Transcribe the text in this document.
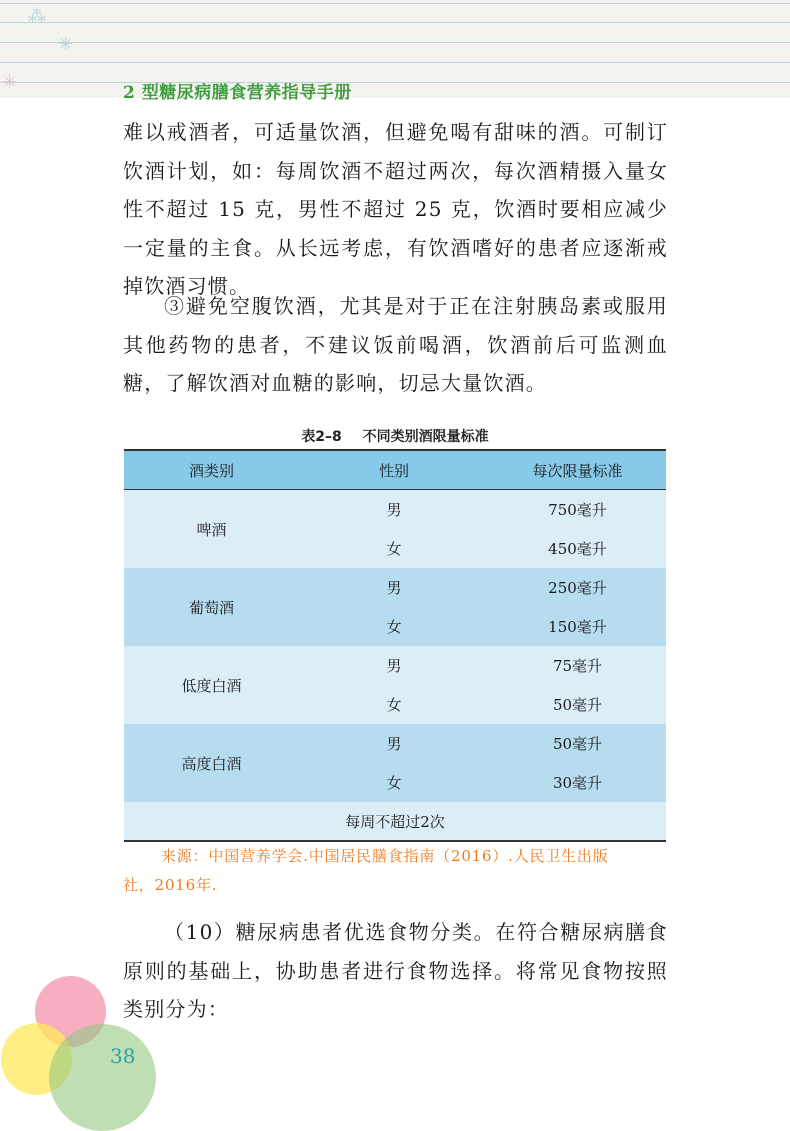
⁂
✳
✳	2 型糖尿病膳食营养指导手册

难以戒酒者，可适量饮酒，但避免喝有甜味的酒。可制订饮酒计划，如：每周饮酒不超过两次，每次酒精摄入量女性不超过 15 克，男性不超过 25 克，饮酒时要相应减少一定量的主食。从长远考虑，有饮酒嗜好的患者应逐渐戒掉饮酒习惯。

③避免空腹饮酒，尤其是对于正在注射胰岛素或服用其他药物的患者，不建议饭前喝酒，饮酒前后可监测血糖，了解饮酒对血糖的影响，切忌大量饮酒。

表2–8 不同类别酒限量标准
酒类别	性别	每次限量标准
啤酒
男	750毫升
女	450毫升
葡萄酒
男	250毫升
女	150毫升
低度白酒
男	75毫升
女	50毫升
高度白酒
男	50毫升
女	30毫升
每周不超过2次
来源：中国营养学会.中国居民膳食指南（2016）.人民卫生出版
社，2016年.

（10）糖尿病患者优选食物分类。在符合糖尿病膳食原则的基础上，协助患者进行食物选择。将常见食物按照类别分为：

38
